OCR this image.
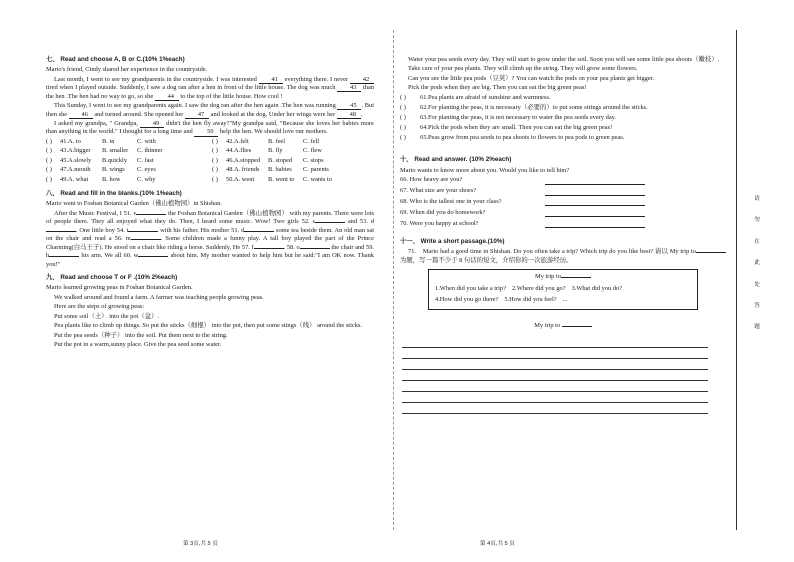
七、 Read and choose A, B or C.(10% 1%each)
Mario's friend, Cindy shared her experience in the countryside.
Last month, I went to see my grandparents in the countryside. I was interested 41 everything there. I never 42 tired when I played outside. Suddenly, I saw a dog ran after a hen in front of the little house. The dog was much 43 than the hen .The hen had no way to go, so she 44 to the top of the little house. How cool !
This Sunday, I went to see my grandparents again. I saw the dog ran after the hen again .The hen was running 45 . But then she 46 and turned around. She opened her 47 and looked at the dog. Under her wings were her 48 .
I asked my grandpa, " Grandpa, 49 didn't the hen fly away?"My grandpa said, "Because she loves her babies more than anything in the world." I thought for a long time and 50 help the hen. We should love our mothers.
( )	41.A. to	B. in	C. with	( )	42.A.felt	B. feel	C. fell
( )	43.A.bigger	B. smaller	C. thinner	( )	44.A.flies	B. fly	C. flew
( )	45.A.slowly	B.quickly	C. fast	( )	46.A.stopped	B. stoped	C. stops
( )	47.A.mouth	B. wings	C. eyes	( )	48.A. friends	B. babies	C. parents
( )	49.A. what	B. how	C. why	( )	50.A. went	B. went to	C. wants to
八、 Read and fill in the blanks.(10% 1%each)
Mario went to Foshan Botanical Garden（佛山植物园）in Shishan.
After the Music Festival, I 51. v	the Foshan Botanical Garden（佛山植物园） with my parents. There were lots of people there. They all enjoyed what they do. Then, I heard some music. Wow! Two girls 52. s	and 53. d. One little boy 54. t	with his father. His mother 51. d	some tea beside them. An old man sat on the chair and read a 56. m	. Some children made a funny play. A tall boy played the part of the Prince Charming(白马王子). He stood on a chair like riding a horse. Suddenly, He 57. f	. 58. o	the chair and 59. h	his arm. We all 60. w	about him. My mother wanted to help him but he said:"I am OK now. Thank you!"
九、 Read and choose T or F .(10% 2%each)
Mario learned growing peas in Foshan Botanical Garden.
We walked around and found a farm. A farmer was teaching people growing peas.
Here are the steps of growing peas:
Put some soil（土） into the pot（盆）.
Pea plants like to climb up things. So put the sticks（细棍） into the pot, then put some stings（线） around the sticks.
Put the pea seeds（种子） into the soil. Put them next to the string.
Put the pot in a warm,sunny place. Give the pea seed some water.
第 3页,共 5 页
Water your pea seeds every day. They will start to grow under the soil. Soon you will see some little pea shoots（嫩枝）.
Take care of your pea plants. They will climb up the string. They will grow some flowers.
Can you see the little pea pods（豆荚）? You can watch the pods on your pea plants get bigger.
Pick the pods when they are big. Then you can eat the big green peas!
( )	61.Pea plants are afraid of sunshine and warmness.
( )	62.For planting the peas, it is necessary（必要的）to put some strings around the sticks.
( )	63.For planting the peas, it is not necessary to water the pea seeds every day.
( )	64.Pick the pods when they are small. Then you can eat the big green peas!
( )	65.Peas grow from pea seeds to pea shoots to flowers to pea pods to green peas.
十、 Read and answer. (10% 2%each)
Mario wants to know more about you. Would you like to tell him?
66. How heavy are you?
67. What size are your shoes?
68. Who is the tallest one in your class?
69. When did you do homework?
70. Were you happy at school?
十一、 Write a short passage.(10%)
71.　Mario had a good time in Shishan. Do you often take a trip? Which trip do you like best? 请以 My trip to 为题，写一篇不少于 8 句话的短文，介绍你的一次旅游经历。
My trip to
1.When did you take a trip? 2.Where did you go? 3.What did you do?
4.How did you go there? 5.How did you feel? ...
My trip to
第 4页,共 5 页
请
勿
在
此
处
答
题
